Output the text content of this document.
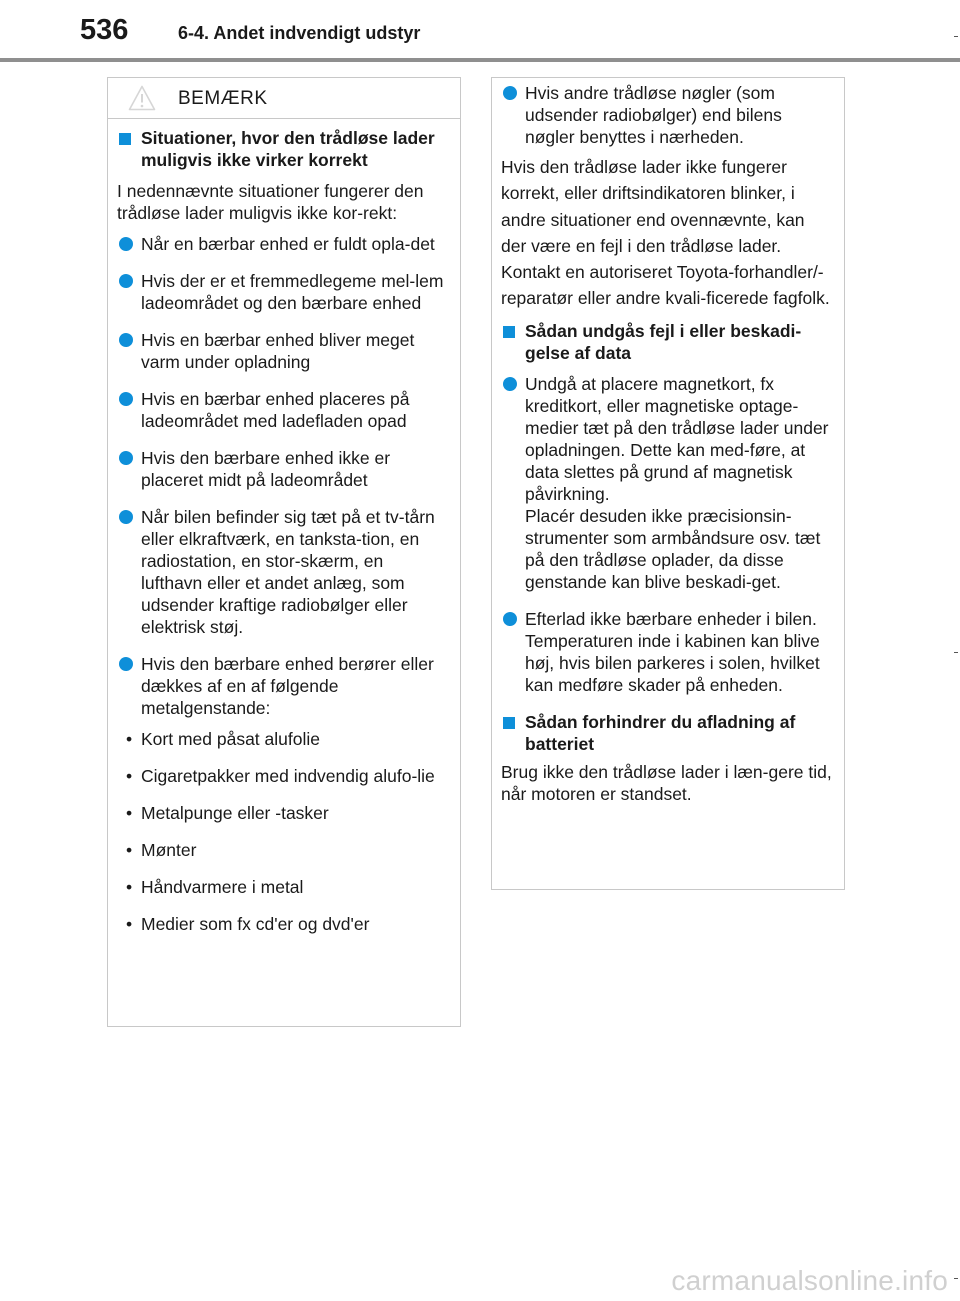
536	6-4. Andet indvendigt udstyr
BEMÆRK
Situationer, hvor den trådløse lader muligvis ikke virker korrekt
I nedennævnte situationer fungerer den trådløse lader muligvis ikke kor-rekt:
Når en bærbar enhed er fuldt opla-det
Hvis der er et fremmedlegeme mel-lem ladeområdet og den bærbare enhed
Hvis en bærbar enhed bliver meget varm under opladning
Hvis en bærbar enhed placeres på ladeområdet med ladefladen opad
Hvis den bærbare enhed ikke er placeret midt på ladeområdet
Når bilen befinder sig tæt på et tv-tårn eller elkraftværk, en tanksta-tion, en radiostation, en stor-skærm, en lufthavn eller et andet anlæg, som udsender kraftige radiobølger eller elektrisk støj.
Hvis den bærbare enhed berører eller dækkes af en af følgende metalgenstande:
• Kort med påsat alufolie
• Cigaretpakker med indvendig alufo-lie
• Metalpunge eller -tasker
• Mønter
• Håndvarmere i metal
• Medier som fx cd'er og dvd'er
Hvis andre trådløse nøgler (som udsender radiobølger) end bilens nøgler benyttes i nærheden.
Hvis den trådløse lader ikke fungerer korrekt, eller driftsindikatoren blinker, i andre situationer end ovennævnte, kan der være en fejl i den trådløse lader. Kontakt en autoriseret Toyota-forhandler/-reparatør eller andre kvali-ficerede fagfolk.
Sådan undgås fejl i eller beskadi-gelse af data
Undgå at placere magnetkort, fx kreditkort, eller magnetiske optage-medier tæt på den trådløse lader under opladningen. Dette kan med-føre, at data slettes på grund af magnetisk påvirkning.
Placér desuden ikke præcisionsin-strumenter som armbåndsure osv. tæt på den trådløse oplader, da disse genstande kan blive beskadi-get.
Efterlad ikke bærbare enheder i bilen. Temperaturen inde i kabinen kan blive høj, hvis bilen parkeres i solen, hvilket kan medføre skader på enheden.
Sådan forhindrer du afladning af batteriet
Brug ikke den trådløse lader i læn-gere tid, når motoren er standset.
carmanualsonline.info
